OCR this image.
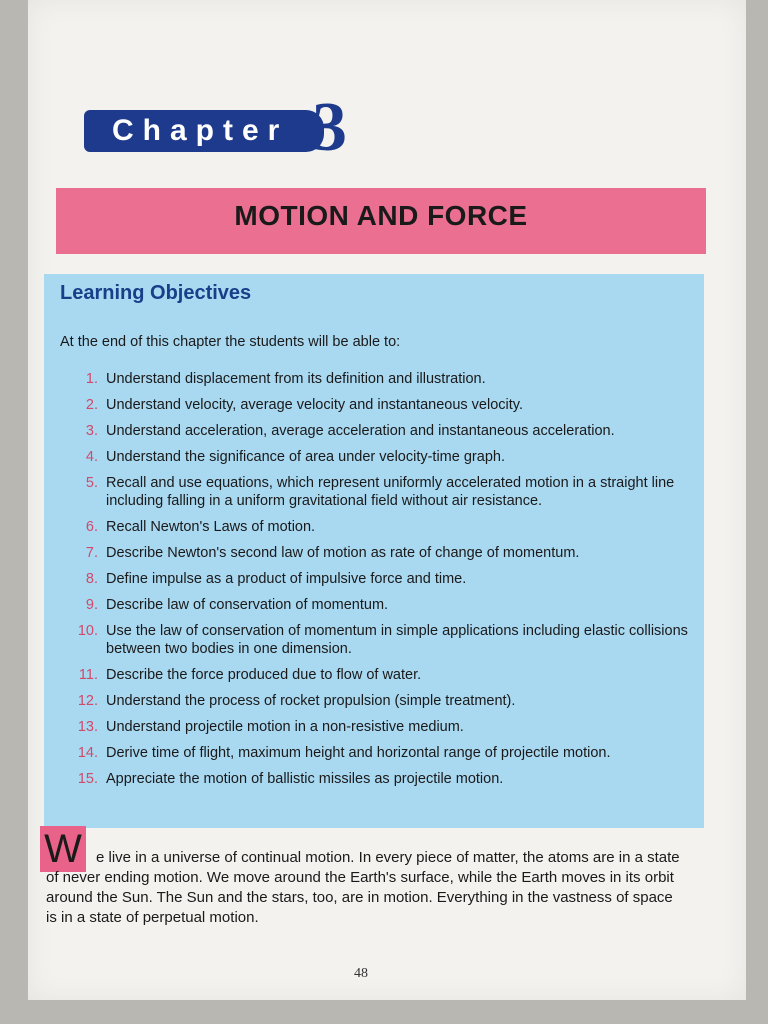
Chapter 3
MOTION AND FORCE
Learning Objectives
At the end of this chapter the students will be able to:
1. Understand displacement from its definition and illustration.
2. Understand velocity, average velocity and instantaneous velocity.
3. Understand acceleration, average acceleration and instantaneous acceleration.
4. Understand the significance of area under velocity-time graph.
5. Recall and use equations, which represent uniformly accelerated motion in a straight line including falling in a uniform gravitational field without air resistance.
6. Recall Newton's Laws of motion.
7. Describe Newton's second law of motion as rate of change of momentum.
8. Define impulse as a product of impulsive force and time.
9. Describe law of conservation of momentum.
10. Use the law of conservation of momentum in simple applications including elastic collisions between two bodies in one dimension.
11. Describe the force produced due to flow of water.
12. Understand the process of rocket propulsion (simple treatment).
13. Understand projectile motion in a non-resistive medium.
14. Derive time of flight, maximum height and horizontal range of projectile motion.
15. Appreciate the motion of ballistic missiles as projectile motion.
W e live in a universe of continual motion. In every piece of matter, the atoms are in a state of never ending motion. We move around the Earth's surface, while the Earth moves in its orbit around the Sun. The Sun and the stars, too, are in motion. Everything in the vastness of space is in a state of perpetual motion.
48
